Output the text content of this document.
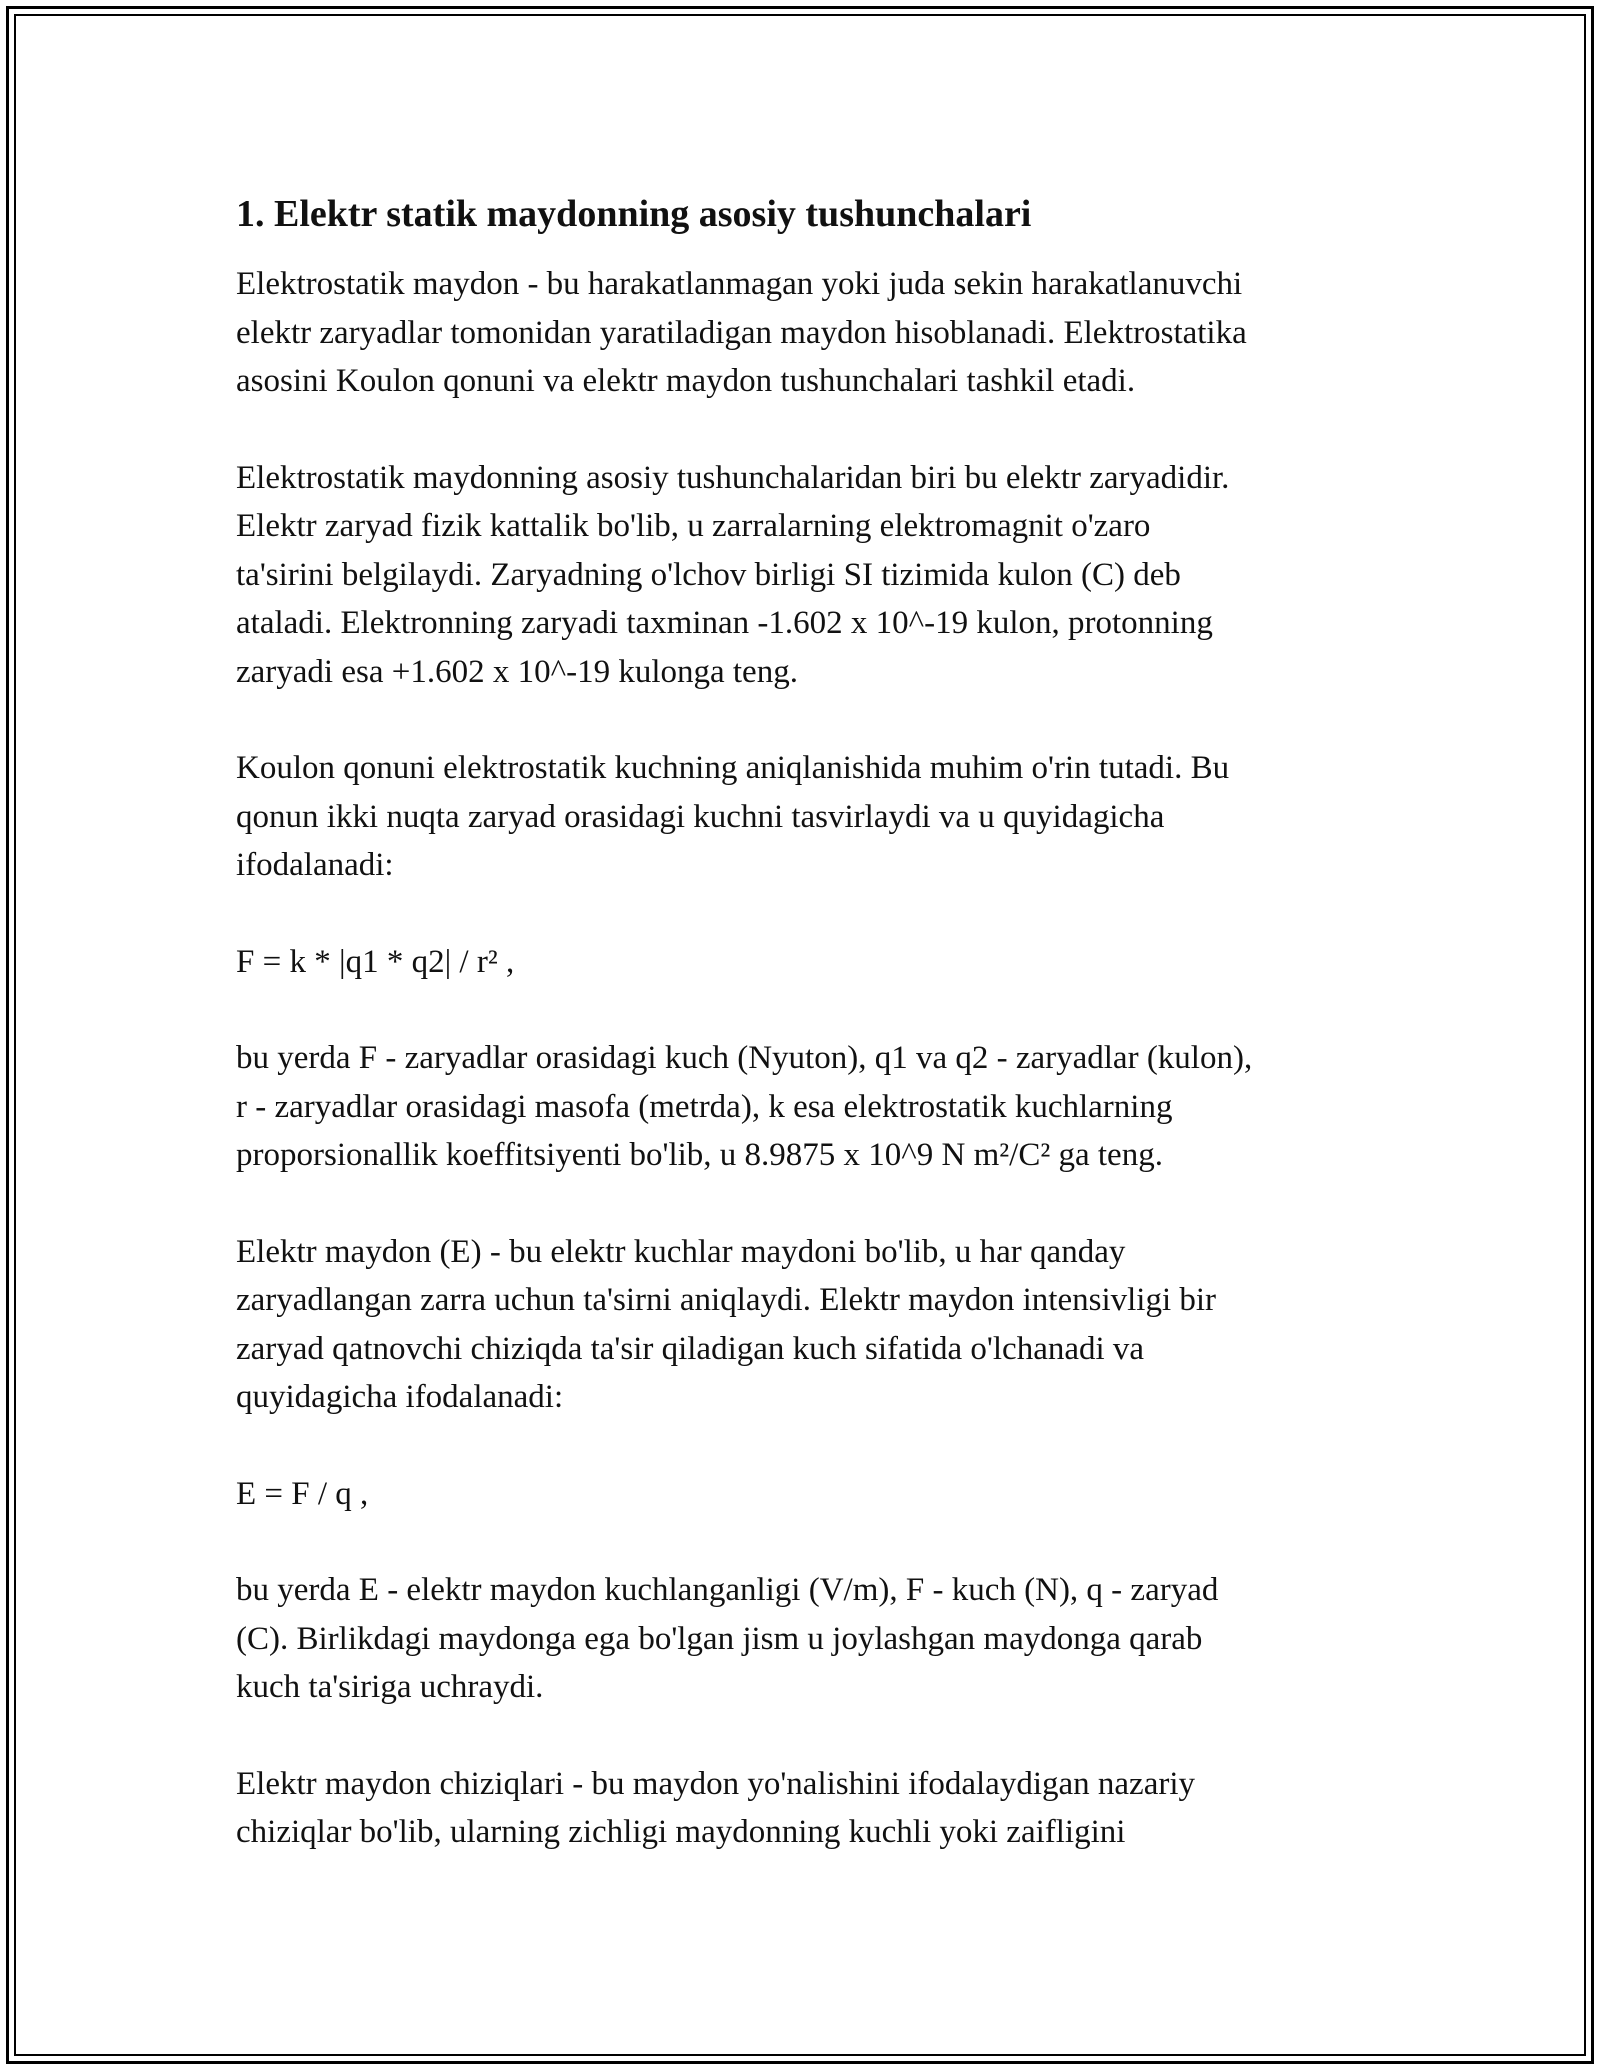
1. Elektr statik maydonning asosiy tushunchalari

Elektrostatik maydon - bu harakatlanmagan yoki juda sekin harakatlanuvchi
elektr zaryadlar tomonidan yaratiladigan maydon hisoblanadi. Elektrostatika
asosini Koulon qonuni va elektr maydon tushunchalari tashkil etadi.

Elektrostatik maydonning asosiy tushunchalaridan biri bu elektr zaryadidir.
Elektr zaryad fizik kattalik bo'lib, u zarralarning elektromagnit o'zaro
ta'sirini belgilaydi. Zaryadning o'lchov birligi SI tizimida kulon (C) deb
ataladi. Elektronning zaryadi taxminan -1.602 x 10^-19 kulon, protonning
zaryadi esa +1.602 x 10^-19 kulonga teng.

Koulon qonuni elektrostatik kuchning aniqlanishida muhim o'rin tutadi. Bu
qonun ikki nuqta zaryad orasidagi kuchni tasvirlaydi va u quyidagicha
ifodalanadi:

F = k * |q1 * q2| / r² ,

bu yerda F - zaryadlar orasidagi kuch (Nyuton), q1 va q2 - zaryadlar (kulon),
r - zaryadlar orasidagi masofa (metrda), k esa elektrostatik kuchlarning
proporsionallik koeffitsiyenti bo'lib, u 8.9875 x 10^9 N m²/C² ga teng.

Elektr maydon (E) - bu elektr kuchlar maydoni bo'lib, u har qanday
zaryadlangan zarra uchun ta'sirni aniqlaydi. Elektr maydon intensivligi bir
zaryad qatnovchi chiziqda ta'sir qiladigan kuch sifatida o'lchanadi va
quyidagicha ifodalanadi:

E = F / q ,

bu yerda E - elektr maydon kuchlanganligi (V/m), F - kuch (N), q - zaryad
(C). Birlikdagi maydonga ega bo'lgan jism u joylashgan maydonga qarab
kuch ta'siriga uchraydi.

Elektr maydon chiziqlari - bu maydon yo'nalishini ifodalaydigan nazariy
chiziqlar bo'lib, ularning zichligi maydonning kuchli yoki zaifligini
